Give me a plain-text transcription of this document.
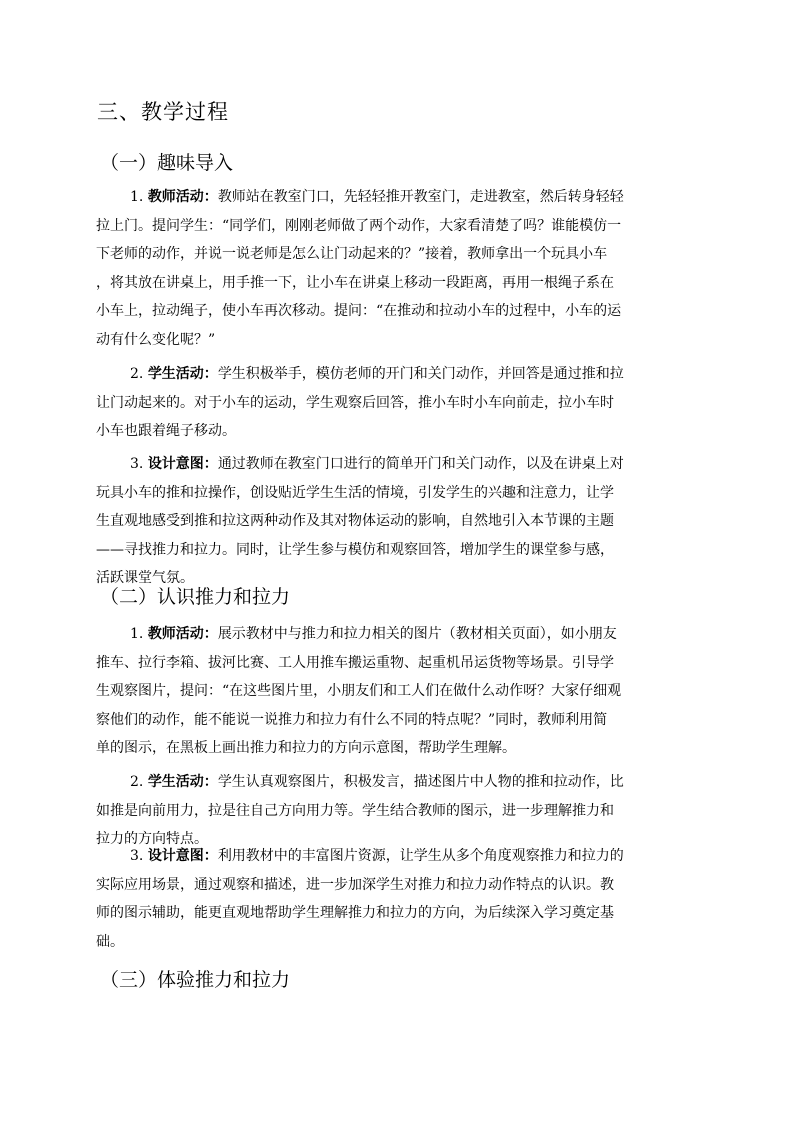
三、教学过程
（一）趣味导入
1. 教师活动：教师站在教室门口，先轻轻推开教室门，走进教室，然后转身轻轻
拉上门。提问学生：“同学们，刚刚老师做了两个动作，大家看清楚了吗？谁能模仿一
下老师的动作，并说一说老师是怎么让门动起来的？”接着，教师拿出一个玩具小车
，将其放在讲桌上，用手推一下，让小车在讲桌上移动一段距离，再用一根绳子系在
小车上，拉动绳子，使小车再次移动。提问：“在推动和拉动小车的过程中，小车的运
动有什么变化呢？”
2. 学生活动：学生积极举手，模仿老师的开门和关门动作，并回答是通过推和拉
让门动起来的。对于小车的运动，学生观察后回答，推小车时小车向前走，拉小车时
小车也跟着绳子移动。
3. 设计意图：通过教师在教室门口进行的简单开门和关门动作，以及在讲桌上对
玩具小车的推和拉操作，创设贴近学生生活的情境，引发学生的兴趣和注意力，让学
生直观地感受到推和拉这两种动作及其对物体运动的影响，自然地引入本节课的主题
——寻找推力和拉力。同时，让学生参与模仿和观察回答，增加学生的课堂参与感，
活跃课堂气氛。
（二）认识推力和拉力
1. 教师活动：展示教材中与推力和拉力相关的图片（教材相关页面），如小朋友
推车、拉行李箱、拔河比赛、工人用推车搬运重物、起重机吊运货物等场景。引导学
生观察图片，提问：“在这些图片里，小朋友们和工人们在做什么动作呀？大家仔细观
察他们的动作，能不能说一说推力和拉力有什么不同的特点呢？”同时，教师利用简
单的图示，在黑板上画出推力和拉力的方向示意图，帮助学生理解。
2. 学生活动：学生认真观察图片，积极发言，描述图片中人物的推和拉动作，比
如推是向前用力，拉是往自己方向用力等。学生结合教师的图示，进一步理解推力和
拉力的方向特点。
3. 设计意图：利用教材中的丰富图片资源，让学生从多个角度观察推力和拉力的
实际应用场景，通过观察和描述，进一步加深学生对推力和拉力动作特点的认识。教
师的图示辅助，能更直观地帮助学生理解推力和拉力的方向，为后续深入学习奠定基
础。
（三）体验推力和拉力
